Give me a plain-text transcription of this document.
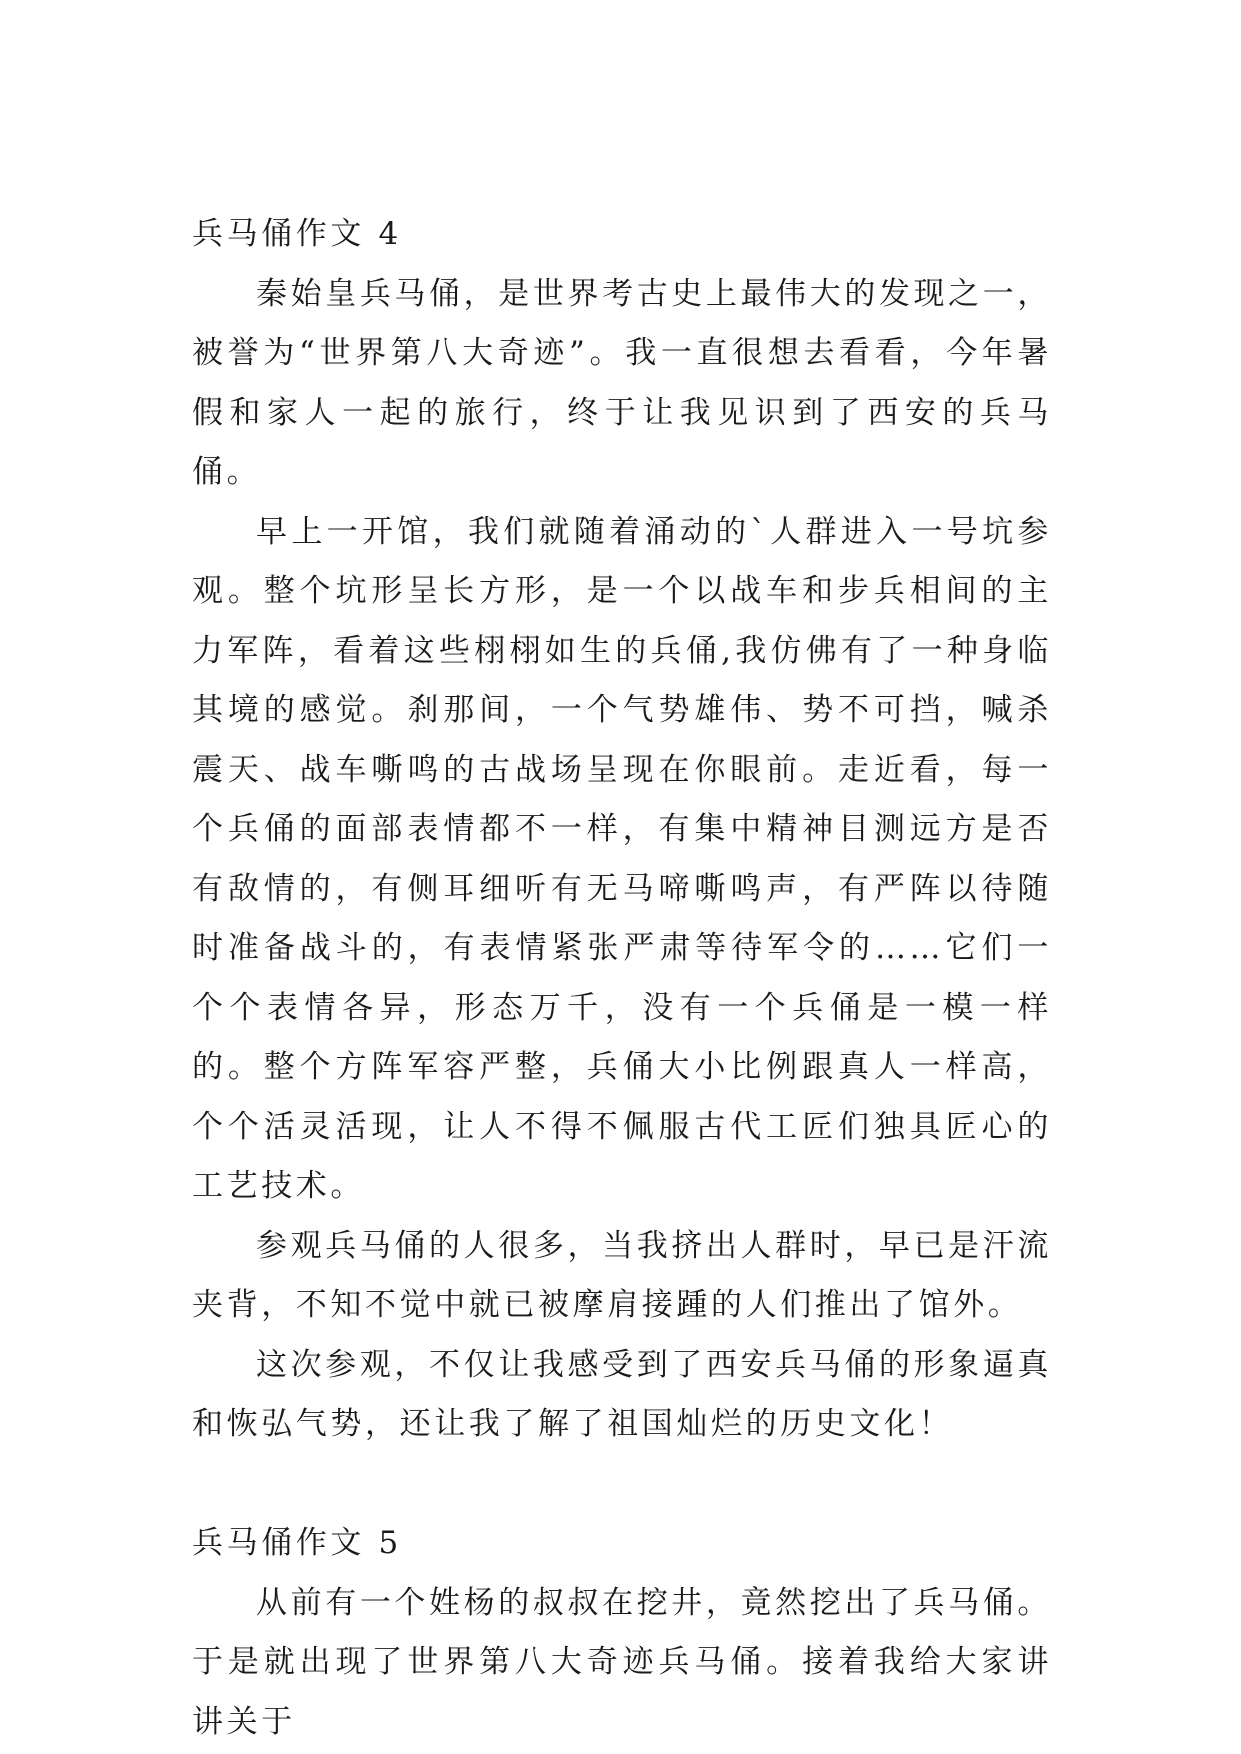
兵马俑作文 4

秦始皇兵马俑，是世界考古史上最伟大的发现之一，被誉为“世界第八大奇迹”。我一直很想去看看，今年暑假和家人一起的旅行，终于让我见识到了西安的兵马俑。

早上一开馆，我们就随着涌动的`人群进入一号坑参观。整个坑形呈长方形，是一个以战车和步兵相间的主力军阵，看着这些栩栩如生的兵俑,我仿佛有了一种身临其境的感觉。刹那间，一个气势雄伟、势不可挡，喊杀震天、战车嘶鸣的古战场呈现在你眼前。走近看，每一个兵俑的面部表情都不一样，有集中精神目测远方是否有敌情的，有侧耳细听有无马啼嘶鸣声，有严阵以待随时准备战斗的，有表情紧张严肃等待军令的……它们一个个表情各异，形态万千，没有一个兵俑是一模一样的。整个方阵军容严整，兵俑大小比例跟真人一样高，个个活灵活现，让人不得不佩服古代工匠们独具匠心的工艺技术。

参观兵马俑的人很多，当我挤出人群时，早已是汗流夹背，不知不觉中就已被摩肩接踵的人们推出了馆外。

这次参观，不仅让我感受到了西安兵马俑的形象逼真和恢弘气势，还让我了解了祖国灿烂的历史文化！

兵马俑作文 5

从前有一个姓杨的叔叔在挖井，竟然挖出了兵马俑。于是就出现了世界第八大奇迹兵马俑。接着我给大家讲讲关于
